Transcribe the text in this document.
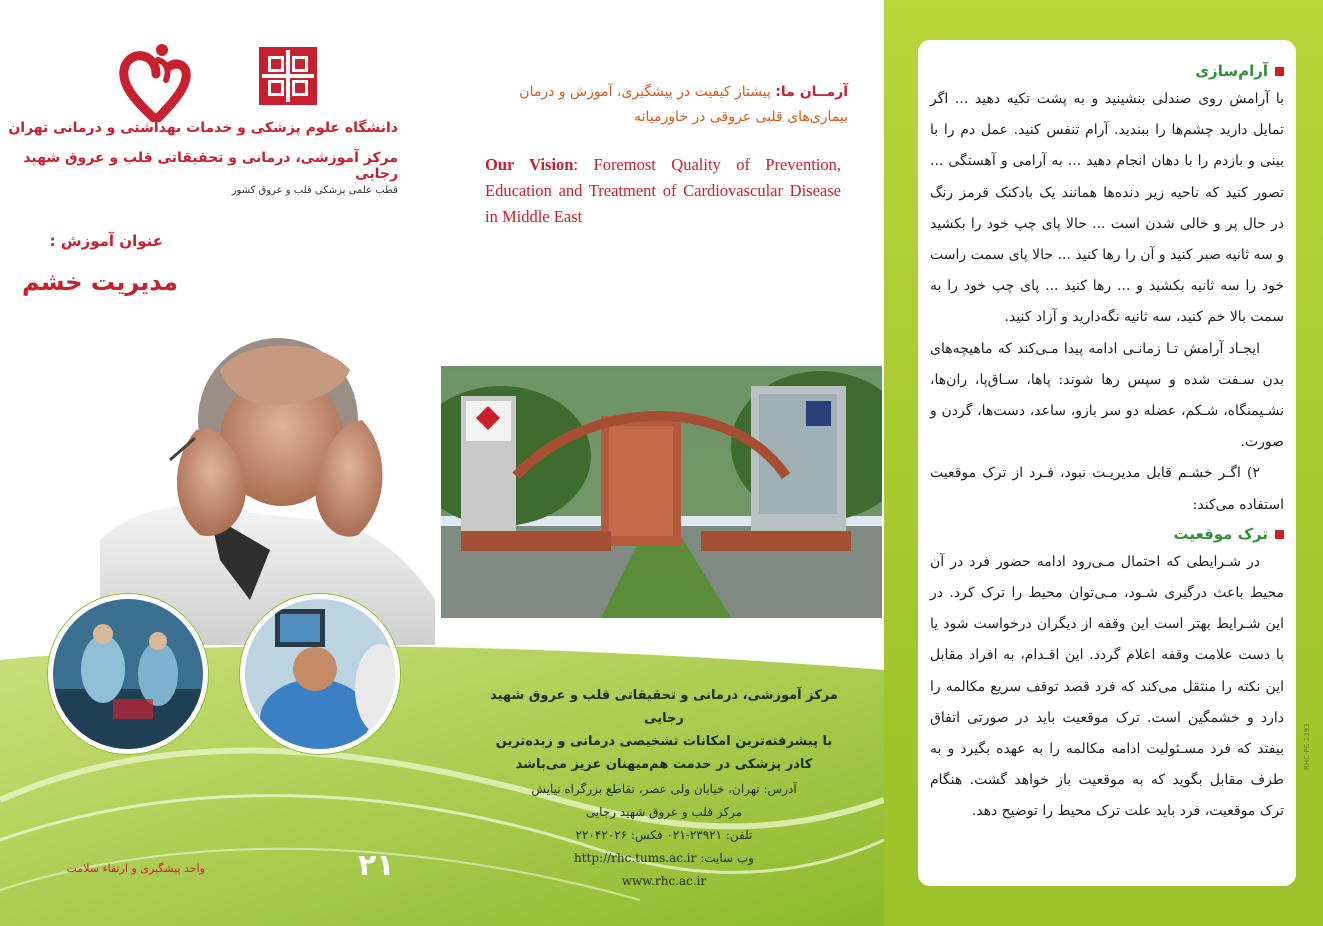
آرام‌سازی

با آرامش روی صندلی بنشینید و به پشت تکیه دهید ... اگر تمایل دارید چشم‌ها را ببندید. آرام تنفس کنید. عمل دم را با بینی و بازدم را با دهان انجام دهید ... به آرامی و آهستگی ... تصور کنید که ناحیه زیر دنده‌ها همانند یک بادکنک قرمز رنگ در حال پر و خالی شدن است ... حالا پای چپ خود را بکشید و سه ثانیه صبر کنید و آن را رها کنید ... حالا پای سمت راست خود را سه ثانیه بکشید و ... رها کنید ... پای چپ خود را به سمت بالا خم کنید، سه ثانیه نگه‌دارید و آزاد کنید.

ایجـاد آرامش تـا زمانـی ادامه پیدا مـی‌کند که ماهیچه‌های بدن سـفت شده و سپس رها شوند: پاها، سـاق‌پا، ران‌ها، نشـیمنگاه، شـکم، عضله دو سر بازو، ساعد، دست‌ها، گردن و صورت.

۲) اگـر خشـم قابل مدیریـت نبود، فـرد از ترک موقعیت استفاده می‌کند:

ترک موقعیت

در شـرایطی که احتمال مـی‌رود ادامه حضور فرد در آن محیط باعث درگیری شـود، مـی‌توان محیط را ترک کرد. در این شـرایط بهتر است این وقفه از دیگران درخواست شود یا با دست علامت وقفه اعلام گردد. این اقـدام، به افراد مقابل این نکته را منتقل می‌کند که فرد قصد توقف سریع مکالمه را دارد و خشمگین است. ترک موقعیت باید در صورتی اتفاق بیفتد که فرد مسـئولیت ادامه مکالمه را به عهده بگیرد و به طرف مقابل بگوید که به موقعیت باز خواهد گشت. هنگام ترک موقعیت، فرد باید علت ترک محیط را توضیح دهد.

RHC-PE-1393
دانشگاه علوم پزشکی و خدمات بهداشتی و درمانی تهران
مرکز آموزشی، درمانی و تحقیقاتی قلب و عروق شهید رجایی
قطب علمی پزشکی قلب و عروق کشور
عنوان آموزش :
مدیریت خشم
آرمــان ما: پیشتاز کیفیت در پیشگیری، آموزش و درمان بیماری‌های قلبی عروقی در خاورمیانه
Our Vision: Foremost Quality of Prevention, Education and Treatment of Cardiovascular Disease in Middle East
مرکز آموزشی، درمانی و تحقیقاتی قلب و عروق شهید رجایی
با پیشرفته‌ترین امکانات تشخیصی درمانی و زبده‌ترین
کادر پزشکی در خدمت هم‌میهنان عزیز می‌باشد
آدرس: تهران، خیابان ولی عصر، تقاطع بزرگراه نیایش
مرکز قلب و عروق شهید رجایی
تلفن: ۲۳۹۲۱-۰۲۱ فکس: ۲۲۰۴۲۰۲۶
وب سایت: http://rhc.tums.ac.ir
www.rhc.ac.ir
۲۱
واحد پیشگیری و ارتقاء سلامت
